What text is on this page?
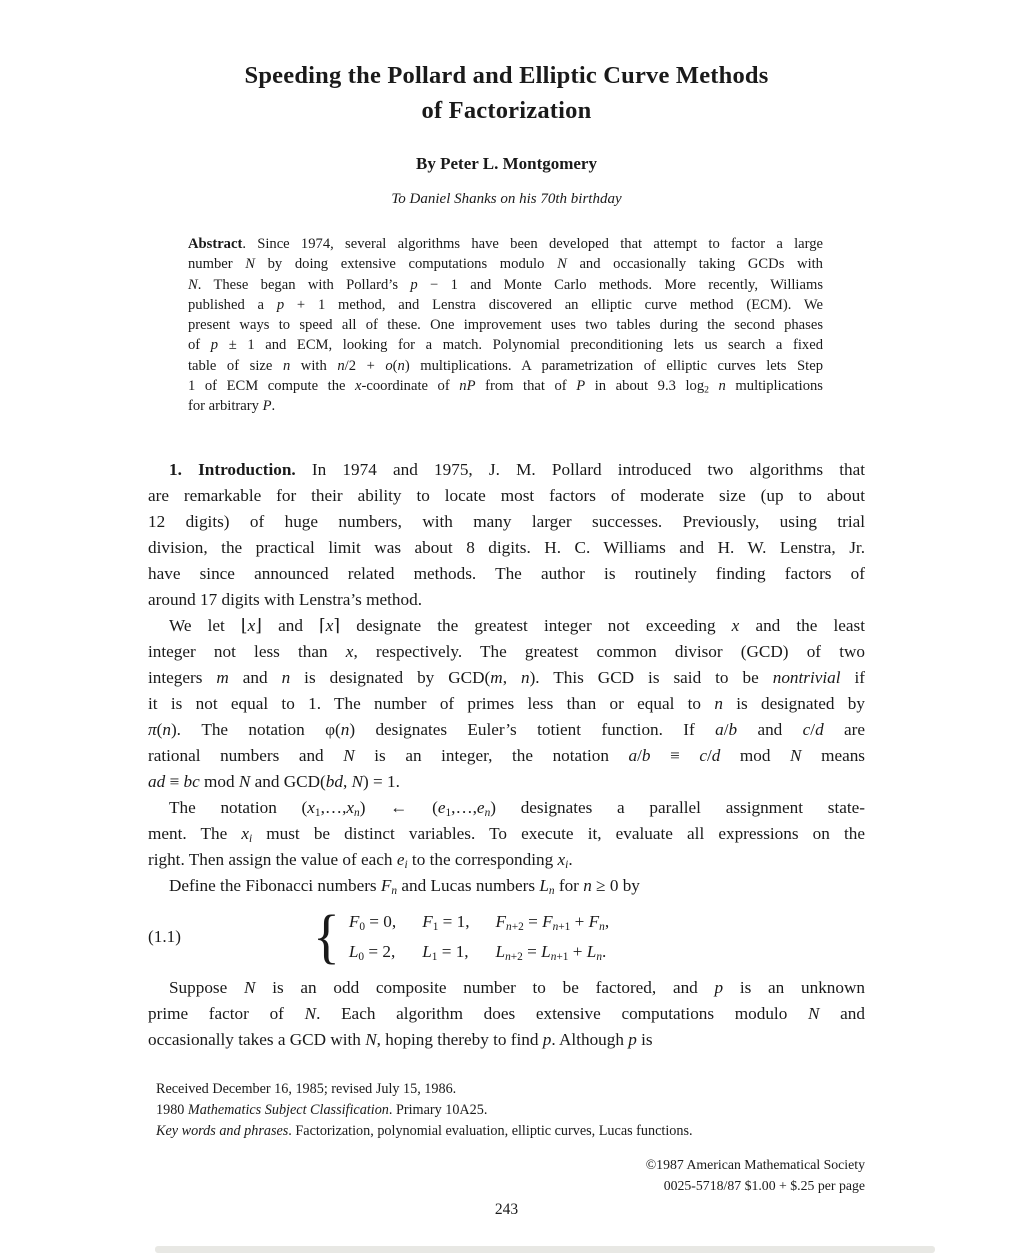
Speeding the Pollard and Elliptic Curve Methods
of Factorization
By Peter L. Montgomery
To Daniel Shanks on his 70th birthday
Abstract. Since 1974, several algorithms have been developed that attempt to factor a large
number N by doing extensive computations modulo N and occasionally taking GCDs with
N. These began with Pollard’s p − 1 and Monte Carlo methods. More recently, Williams
published a p + 1 method, and Lenstra discovered an elliptic curve method (ECM). We
present ways to speed all of these. One improvement uses two tables during the second phases
of p ± 1 and ECM, looking for a match. Polynomial preconditioning lets us search a fixed
table of size n with n/2 + o(n) multiplications. A parametrization of elliptic curves lets Step
1 of ECM compute the x-coordinate of nP from that of P in about 9.3 $\log_2 n$ multiplications
for arbitrary P.
1. Introduction. In 1974 and 1975, J. M. Pollard introduced two algorithms that
are remarkable for their ability to locate most factors of moderate size (up to about
12 digits) of huge numbers, with many larger successes. Previously, using trial
division, the practical limit was about 8 digits. H. C. Williams and H. W. Lenstra, Jr.
have since announced related methods. The author is routinely finding factors of
around 17 digits with Lenstra’s method.
We let ⌊x⌋ and ⌈x⌉ designate the greatest integer not exceeding x and the least
integer not less than x, respectively. The greatest common divisor (GCD) of two
integers m and n is designated by GCD(m, n). This GCD is said to be nontrivial if
it is not equal to 1. The number of primes less than or equal to n is designated by
π(n). The notation φ(n) designates Euler’s totient function. If a/b and c/d are
rational numbers and N is an integer, the notation a/b ≡ c/d mod N means
ad ≡ bc mod N and GCD(bd, N) = 1.
The notation $(x_1,\dots,x_n)$ ← $(e_1,\dots,e_n)$ designates a parallel assignment state-
ment. The $x_i$ must be distinct variables. To execute it, evaluate all expressions on the
right. Then assign the value of each $e_i$ to the corresponding $x_i$.
Define the Fibonacci numbers $F_n$ and Lucas numbers $L_n$ for n ≥ 0 by
(1.1) { $F_0 = 0$, $F_1 = 1$, $F_{n+2} = F_{n+1} + F_n$,
$L_0 = 2$, $L_1 = 1$, $L_{n+2} = L_{n+1} + L_n$.
Suppose N is an odd composite number to be factored, and p is an unknown
prime factor of N. Each algorithm does extensive computations modulo N and
occasionally takes a GCD with N, hoping thereby to find p. Although p is
Received December 16, 1985; revised July 15, 1986.
1980 Mathematics Subject Classification. Primary 10A25.
Key words and phrases. Factorization, polynomial evaluation, elliptic curves, Lucas functions.
©1987 American Mathematical Society
0025-5718/87 $1.00 + $.25 per page
243
